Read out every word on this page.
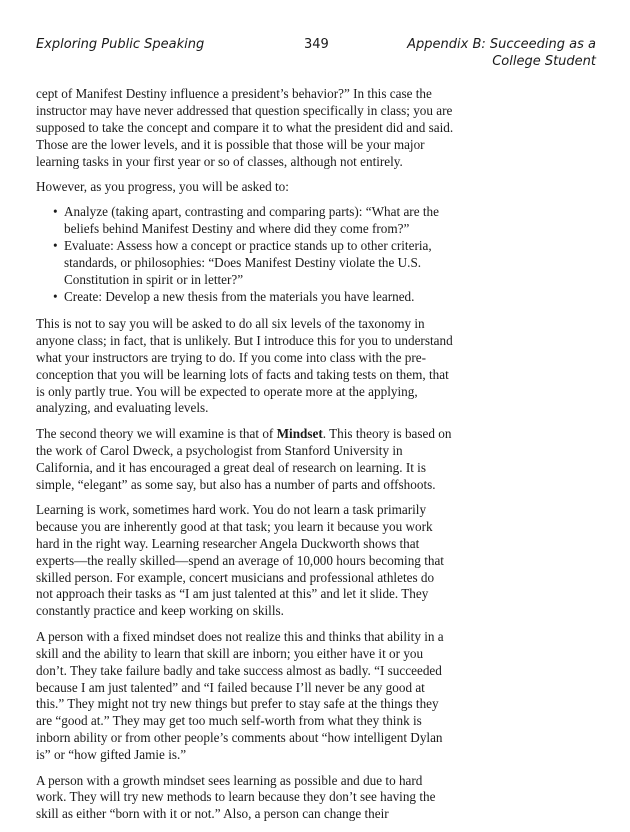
Exploring Public Speaking	349	Appendix B: Succeeding as a
College Student

cept of Manifest Destiny influence a president’s behavior?” In this case the instructor may have never addressed that question specifically in class; you are supposed to take the concept and compare it to what the president did and said. Those are the lower levels, and it is possible that those will be your major learning tasks in your first year or so of classes, although not entirely.

However, as you progress, you will be asked to:

• Analyze (taking apart, contrasting and comparing parts): “What are the beliefs behind Manifest Destiny and where did they come from?”
• Evaluate: Assess how a concept or practice stands up to other criteria, standards, or philosophies: “Does Manifest Destiny violate the U.S. Constitution in spirit or in letter?”
• Create: Develop a new thesis from the materials you have learned.

This is not to say you will be asked to do all six levels of the taxonomy in anyone class; in fact, that is unlikely. But I introduce this for you to understand what your instructors are trying to do. If you come into class with the pre-conception that you will be learning lots of facts and taking tests on them, that is only partly true. You will be expected to operate more at the applying, analyzing, and evaluating levels.

The second theory we will examine is that of Mindset. This theory is based on the work of Carol Dweck, a psychologist from Stanford University in California, and it has encouraged a great deal of research on learning. It is simple, “elegant” as some say, but also has a number of parts and offshoots.

Learning is work, sometimes hard work. You do not learn a task primarily because you are inherently good at that task; you learn it because you work hard in the right way. Learning researcher Angela Duckworth shows that experts—the really skilled—spend an average of 10,000 hours becoming that skilled person. For example, concert musicians and professional athletes do not approach their tasks as “I am just talented at this” and let it slide. They constantly practice and keep working on skills.

A person with a fixed mindset does not realize this and thinks that ability in a skill and the ability to learn that skill are inborn; you either have it or you don’t. They take failure badly and take success almost as badly. “I succeeded because I am just talented” and “I failed because I’ll never be any good at this.” They might not try new things but prefer to stay safe at the things they are “good at.” They may get too much self-worth from what they think is inborn ability or from other people’s comments about “how intelligent Dylan is” or “how gifted Jamie is.”

A person with a growth mindset sees learning as possible and due to hard work. They will try new methods to learn because they don’t see having the skill as either “born with it or not.” Also, a person can change their
